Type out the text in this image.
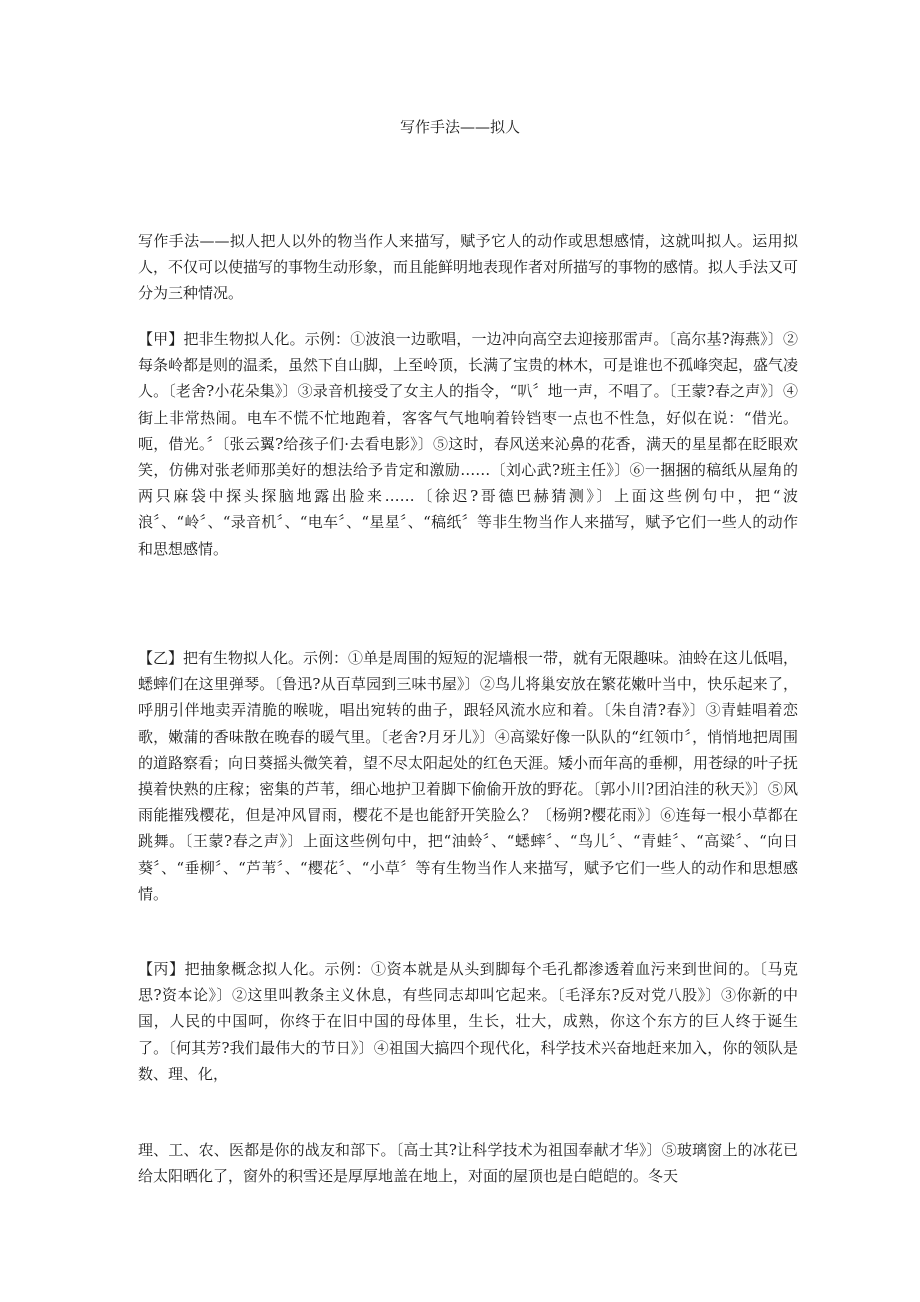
写作手法——拟人

写作手法——拟人把人以外的物当作人来描写，赋予它人的动作或思想感情，这就叫拟人。运用拟人，不仅可以使描写的事物生动形象，而且能鲜明地表现作者对所描写的事物的感情。拟人手法又可分为三种情况。

【甲】把非生物拟人化。示例：①波浪一边歌唱，一边冲向高空去迎接那雷声。〔高尔基?海燕》〕②每条岭都是则的温柔，虽然下自山脚，上至岭顶，长满了宝贵的林木，可是谁也不孤峰突起，盛气凌人。〔老舍?小花朵集》〕③录音机接受了女主人的指令，“叭〞地一声，不唱了。〔王蒙?春之声》〕④街上非常热闹。电车不慌不忙地跑着，客客气气地响着铃铛枣一点也不性急，好似在说：“借光。呃，借光。〞〔张云翼?给孩子们·去看电影》〕⑤这时，春风送来沁鼻的花香，满天的星星都在眨眼欢笑，仿佛对张老师那美好的想法给予肯定和激励……〔刘心武?班主任》〕⑥一捆捆的稿纸从屋角的两只麻袋中探头探脑地露出脸来……〔徐迟?哥德巴赫猜测》〕上面这些例句中，把“波浪〞、“岭〞、“录音机〞、“电车〞、“星星〞、“稿纸〞等非生物当作人来描写，赋予它们一些人的动作和思想感情。

【乙】把有生物拟人化。示例：①单是周围的短短的泥墙根一带，就有无限趣味。油蛉在这儿低唱，蟋蟀们在这里弹琴。〔鲁迅?从百草园到三味书屋》〕②鸟儿将巢安放在繁花嫩叶当中，快乐起来了，呼朋引伴地卖弄清脆的喉咙，唱出宛转的曲子，跟轻风流水应和着。〔朱自清?春》〕③青蛙唱着恋歌，嫩蒲的香味散在晚春的暖气里。〔老舍?月牙儿》〕④高粱好像一队队的“红领巾〞，悄悄地把周围的道路察看；向日葵摇头微笑着，望不尽太阳起处的红色天涯。矮小而年高的垂柳，用苍绿的叶子抚摸着快熟的庄稼；密集的芦苇，细心地护卫着脚下偷偷开放的野花。〔郭小川?团泊洼的秋天》〕⑤风雨能摧残樱花，但是冲风冒雨，樱花不是也能舒开笑脸么？〔杨朔?樱花雨》〕⑥连每一根小草都在跳舞。〔王蒙?春之声》〕上面这些例句中，把“油蛉〞、“蟋蟀〞、“鸟儿〞、“青蛙〞、“高粱〞、“向日葵〞、“垂柳〞、“芦苇〞、“樱花〞、“小草〞等有生物当作人来描写，赋予它们一些人的动作和思想感情。

【丙】把抽象概念拟人化。示例：①资本就是从头到脚每个毛孔都渗透着血污来到世间的。〔马克思?资本论》〕②这里叫教条主义休息，有些同志却叫它起来。〔毛泽东?反对党八股》〕③你新的中国，人民的中国呵，你终于在旧中国的母体里，生长，壮大，成熟，你这个东方的巨人终于诞生了。〔何其芳?我们最伟大的节日》〕④祖国大搞四个现代化，科学技术兴奋地赶来加入，你的领队是数、理、化，

理、工、农、医都是你的战友和部下。〔高士其?让科学技术为祖国奉献才华》〕⑤玻璃窗上的冰花已给太阳晒化了，窗外的积雪还是厚厚地盖在地上，对面的屋顶也是白皑皑的。冬天
